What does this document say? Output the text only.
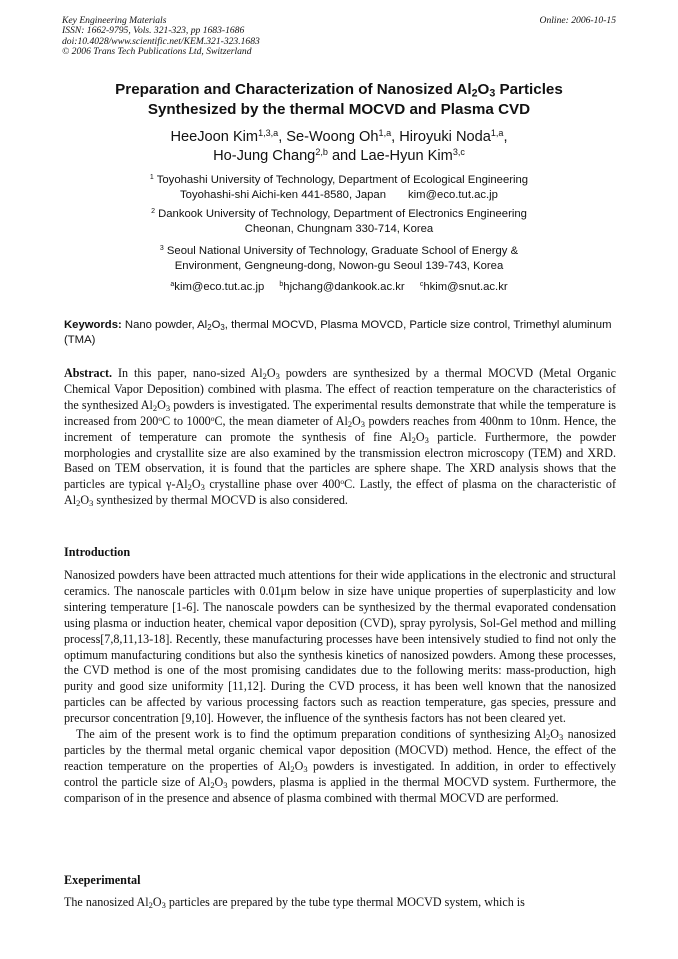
Key Engineering Materials
ISSN: 1662-9795, Vols. 321-323, pp 1683-1686
doi:10.4028/www.scientific.net/KEM.321-323.1683
© 2006 Trans Tech Publications Ltd, Switzerland
Online: 2006-10-15
Preparation and Characterization of Nanosized $Al_2O_3$ Particles
Synthesized by the thermal MOCVD and Plasma CVD
HeeJoon Kim$^{1,3,a}$, Se-Woong Oh$^{1,a}$, Hiroyuki Noda$^{1,a}$,
Ho-Jung Chang$^{2,b}$ and Lae-Hyun Kim$^{3,c}$
$^1$ Toyohashi University of Technology, Department of Ecological Engineering
Toyohashi-shi Aichi-ken 441-8580, Japan kim@eco.tut.ac.jp
$^2$ Dankook University of Technology, Department of Electronics Engineering
Cheonan, Chungnam 330-714, Korea
$^3$ Seoul National University of Technology, Graduate School of Energy &
Environment, Gengneung-dong, Nowon-gu Seoul 139-743, Korea
$^a$kim@eco.tut.ac.jp $^b$hjchang@dankook.ac.kr $^c$hkim@snut.ac.kr
Keywords: Nano powder, $Al_2O_3$, thermal MOCVD, Plasma MOVCD, Particle size control, Trimethyl aluminum (TMA)
Abstract. In this paper, nano-sized $Al_2O_3$ powders are synthesized by a thermal MOCVD (Metal Organic Chemical Vapor Deposition) combined with plasma. The effect of reaction temperature on the characteristics of the synthesized $Al_2O_3$ powders is investigated. The experimental results demonstrate that while the temperature is increased from 200$^o$C to 1000$^o$C, the mean diameter of $Al_2O_3$ powders reaches from 400nm to 10nm. Hence, the increment of temperature can promote the synthesis of fine $Al_2O_3$ particle. Furthermore, the powder morphologies and crystallite size are also examined by the transmission electron microscopy (TEM) and XRD. Based on TEM observation, it is found that the particles are sphere shape. The XRD analysis shows that the particles are typical $\gamma-Al_2O_3$ crystalline phase over 400$^o$C. Lastly, the effect of plasma on the characteristic of $Al_2O_3$ synthesized by thermal MOCVD is also considered.
Introduction

Nanosized powders have been attracted much attentions for their wide applications in the electronic and structural ceramics. The nanoscale particles with 0.01μm below in size have unique properties of superplasticity and low sintering temperature [1-6]. The nanoscale powders can be synthesized by the thermal evaporated condensation using plasma or induction heater, chemical vapor deposition (CVD), spray pyrolysis, Sol-Gel method and milling process[7,8,11,13-18]. Recently, these manufacturing processes have been intensively studied to find not only the optimum manufacturing conditions but also the synthesis kinetics of nanosized powders. Among these processes, the CVD method is one of the most promising candidates due to the following merits: mass-production, high purity and good size uniformity [11,12]. During the CVD process, it has been well known that the nanosized particles can be affected by various processing factors such as reaction temperature, gas species, pressure and precursor concentration [9,10]. However, the influence of the synthesis factors has not been cleared yet.

The aim of the present work is to find the optimum preparation conditions of synthesizing $Al_2O_3$ nanosized particles by the thermal metal organic chemical vapor deposition (MOCVD) method. Hence, the effect of the reaction temperature on the properties of $Al_2O_3$ powders is investigated. In addition, in order to effectively control the particle size of $Al_2O_3$ powders, plasma is applied in the thermal MOCVD system. Furthermore, the comparison of in the presence and absence of plasma combined with thermal MOCVD are performed.

Exeperimental
The nanosized $Al_2O_3$ particles are prepared by the tube type thermal MOCVD system, which is
